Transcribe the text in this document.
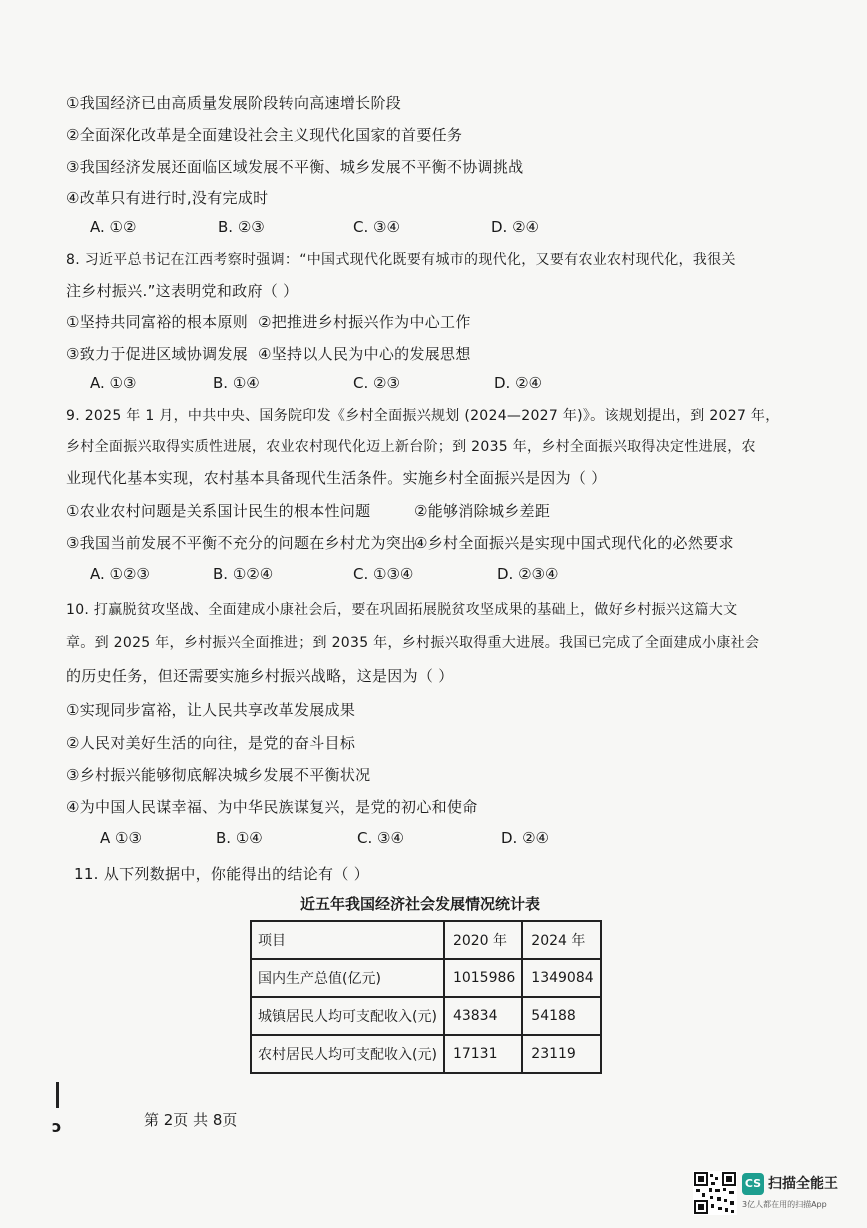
①我国经济已由高质量发展阶段转向高速增长阶段
②全面深化改革是全面建设社会主义现代化国家的首要任务
③我国经济发展还面临区域发展不平衡、城乡发展不平衡不协调挑战
④改革只有进行时,没有完成时
A. ①②	B. ②③	C. ③④	D. ②④
8. 习近平总书记在江西考察时强调：“中国式现代化既要有城市的现代化，又要有农业农村现代化，我很关
注乡村振兴.”这表明党和政府（ ）
①坚持共同富裕的根本原则 ②把推进乡村振兴作为中心工作
③致力于促进区域协调发展 ④坚持以人民为中心的发展思想
A. ①③	B. ①④	C. ②③	D. ②④
9. 2025 年 1 月，中共中央、国务院印发《乡村全面振兴规划 (2024—2027 年)》。该规划提出，到 2027 年，
乡村全面振兴取得实质性进展，农业农村现代化迈上新台阶；到 2035 年，乡村全面振兴取得决定性进展，农
业现代化基本实现，农村基本具备现代生活条件。实施乡村全面振兴是因为（ ）
①农业农村问题是关系国计民生的根本性问题	②能够消除城乡差距
③我国当前发展不平衡不充分的问题在乡村尤为突出
④乡村全面振兴是实现中国式现代化的必然要求
A. ①②③	B. ①②④	C. ①③④	D. ②③④
10. 打赢脱贫攻坚战、全面建成小康社会后，要在巩固拓展脱贫攻坚成果的基础上，做好乡村振兴这篇大文
章。到 2025 年，乡村振兴全面推进；到 2035 年，乡村振兴取得重大进展。我国已完成了全面建成小康社会
的历史任务，但还需要实施乡村振兴战略，这是因为（ ）
①实现同步富裕，让人民共享改革发展成果
②人民对美好生活的向往，是党的奋斗目标
③乡村振兴能够彻底解决城乡发展不平衡状况
④为中国人民谋幸福、为中华民族谋复兴，是党的初心和使命
A ①③	B. ①④	C. ③④	D. ②④
11. 从下列数据中，你能得出的结论有（ ）
近五年我国经济社会发展情况统计表
项目	2020 年	2024 年
国内生产总值(亿元)	1015986	1349084
城镇居民人均可支配收入(元)	43834	54188
农村居民人均可支配收入(元)	17131	23119
ↄ	第 2页 共 8页
CS 扫描全能王
3亿人都在用的扫描App
